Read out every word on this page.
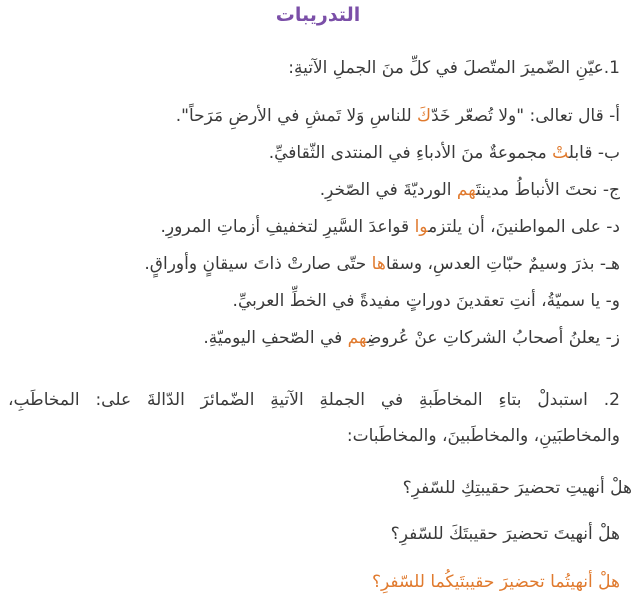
التدريبات
1.عيّنِ الضّميرَ المتّصلَ في كلِّ منَ الجملِ الآتيةِ:
أ- قال تعالى: "ولا تُصعّر خَدّكَ للناسِ وَلا تَمشِ في الأرضِ مَرَحاً".
ب- قابلتْ مجموعةٌ منَ الأدباءِ في المنتدى الثّقافيِّ.
ج- نحتَ الأنباطُ مدينتَهم الورديّةَ في الصّخرِ.
د- على المواطنينَ، أن يلتزموا قواعدَ السَّيرِ لتخفيفِ أزماتِ المرورِ.
هـ- بذرَ وسيمٌ حبّاتِ العدسِ، وسقاها حتّى صارتْ ذاتَ سيقانٍ وأوراقٍ.
و- يا سميّةُ، أنتِ تعقدينَ دوراتٍ مفيدةً في الخطِّ العربيِّ.
ز- يعلنُ أصحابُ الشركاتِ عنْ عُروضِهم في الصّحفِ اليوميّةِ.
2. استبدلْ بتاءِ المخاطَبةِ في الجملةِ الآتيةِ الضّمائرَ الدّالةَ على: المخاطَبِ،
والمخاطبَينِ، والمخاطَبينَ، والمخاطَبات:
هلْ أنهيتِ تحضيرَ حقيبتِكِ للسّفرِ؟
هلْ أنهيتَ تحضيرَ حقيبتَكَ للسّفرِ؟
هلْ أنهيتُما تحضيرَ حقيبتَيكُما للسّفرِ؟
